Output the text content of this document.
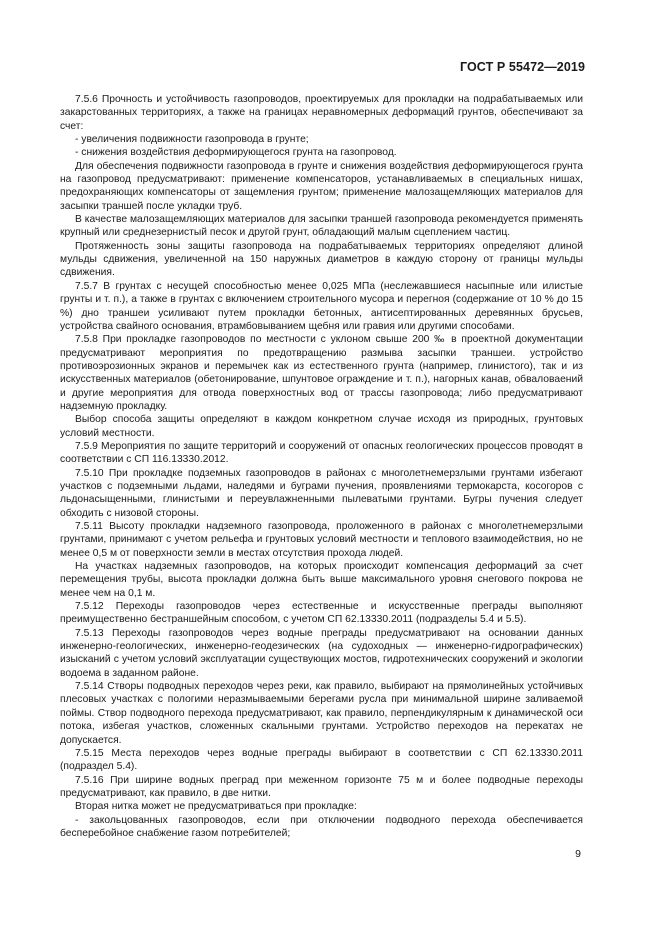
ГОСТ Р 55472—2019

7.5.6 Прочность и устойчивость газопроводов, проектируемых для прокладки на подрабатываемых или закарстованных территориях, а также на границах неравномерных деформаций грунтов, обеспечивают за счет:

- увеличения подвижности газопровода в грунте;

- снижения воздействия деформирующегося грунта на газопровод.

Для обеспечения подвижности газопровода в грунте и снижения воздействия деформирующегося грунта на газопровод предусматривают: применение компенсаторов, устанавливаемых в специальных нишах, предохраняющих компенсаторы от защемления грунтом; применение малозащемляющих материалов для засыпки траншей после укладки труб.

В качестве малозащемляющих материалов для засыпки траншей газопровода рекомендуется применять крупный или среднезернистый песок и другой грунт, обладающий малым сцеплением частиц.

Протяженность зоны защиты газопровода на подрабатываемых территориях определяют длиной мульды сдвижения, увеличенной на 150 наружных диаметров в каждую сторону от границы мульды сдвижения.

7.5.7 В грунтах с несущей способностью менее 0,025 МПа (неслежавшиеся насыпные или илистые грунты и т. п.), а также в грунтах с включением строительного мусора и перегноя (содержание от 10 % до 15 %) дно траншеи усиливают путем прокладки бетонных, антисептированных деревянных брусьев, устройства свайного основания, втрамбовыванием щебня или гравия или другими способами.

7.5.8 При прокладке газопроводов по местности с уклоном свыше 200 ‰ в проектной документации предусматривают мероприятия по предотвращению размыва засыпки траншеи. устройство противоэрозионных экранов и перемычек как из естественного грунта (например, глинистого), так и из искусственных материалов (обетонирование, шпунтовое ограждение и т. п.), нагорных канав, обваловаений и другие мероприятия для отвода поверхностных вод от трассы газопровода; либо предусматривают надземную прокладку.

Выбор способа защиты определяют в каждом конкретном случае исходя из природных, грунтовых условий местности.

7.5.9 Мероприятия по защите территорий и сооружений от опасных геологических процессов проводят в соответствии с СП 116.13330.2012.

7.5.10 При прокладке подземных газопроводов в районах с многолетнемерзлыми грунтами избегают участков с подземными льдами, наледями и буграми пучения, проявлениями термокарста, косогоров с льдонасыщенными, глинистыми и переувлажненными пылеватыми грунтами. Бугры пучения следует обходить с низовой стороны.

7.5.11 Высоту прокладки надземного газопровода, проложенного в районах с многолетнемерзлыми грунтами, принимают с учетом рельефа и грунтовых условий местности и теплового взаимодействия, но не менее 0,5 м от поверхности земли в местах отсутствия прохода людей.

На участках надземных газопроводов, на которых происходит компенсация деформаций за счет перемещения трубы, высота прокладки должна быть выше максимального уровня снегового покрова не менее чем на 0,1 м.

7.5.12 Переходы газопроводов через естественные и искусственные преграды выполняют преимущественно бестраншейным способом, с учетом СП 62.13330.2011 (подразделы 5.4 и 5.5).

7.5.13 Переходы газопроводов через водные преграды предусматривают на основании данных инженерно-геологических, инженерно-геодезических (на судоходных — инженерно-гидрографических) изысканий с учетом условий эксплуатации существующих мостов, гидротехнических сооружений и экологии водоема в заданном районе.

7.5.14 Створы подводных переходов через реки, как правило, выбирают на прямолинейных устойчивых плесовых участках с пологими неразмываемыми берегами русла при минимальной ширине заливаемой поймы. Створ подводного перехода предусматривают, как правило, перпендикулярным к динамической оси потока, избегая участков, сложенных скальными грунтами. Устройство переходов на перекатах не допускается.

7.5.15 Места переходов через водные преграды выбирают в соответствии с СП 62.13330.2011 (подраздел 5.4).

7.5.16 При ширине водных преград при меженном горизонте 75 м и более подводные переходы предусматривают, как правило, в две нитки.

Вторая нитка может не предусматриваться при прокладке:

- закольцованных газопроводов, если при отключении подводного перехода обеспечивается бесперебойное снабжение газом потребителей;

9
